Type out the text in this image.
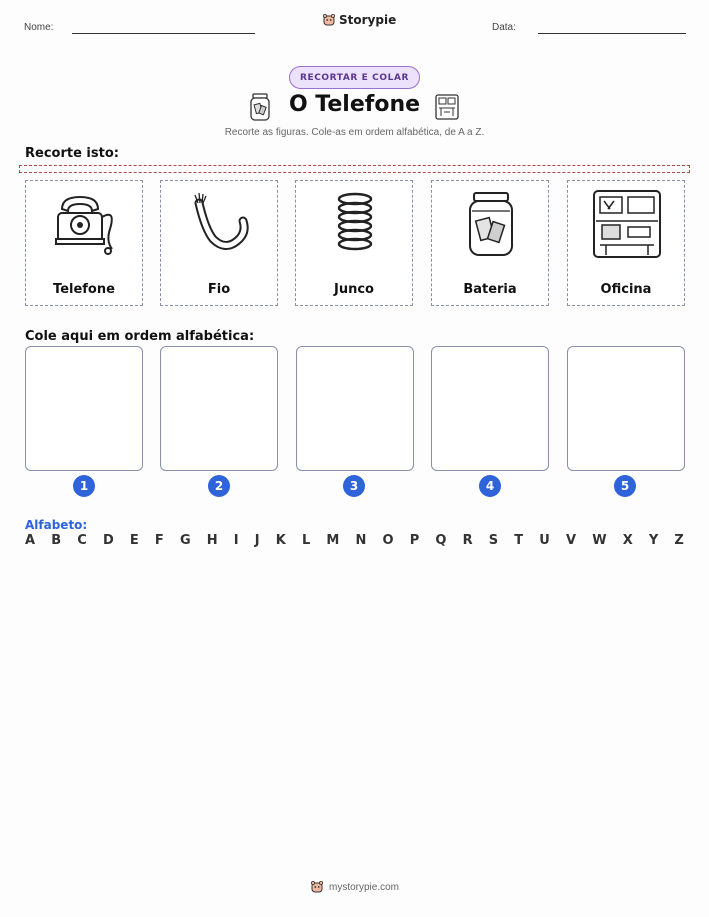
Nome:
Storypie
Data:
RECORTAR E COLAR
O Telefone
Recorte as figuras. Cole-as em ordem alfabética, de A a Z.
Recorte isto:
Telefone	Fio	Junco	Bateria	Oficina
Cole aqui em ordem alfabética:
1	2	3	4	5
Alfabeto:
A B C D E F G H I J K L M N O P Q R S T U V W X Y Z
mystorypie.com
